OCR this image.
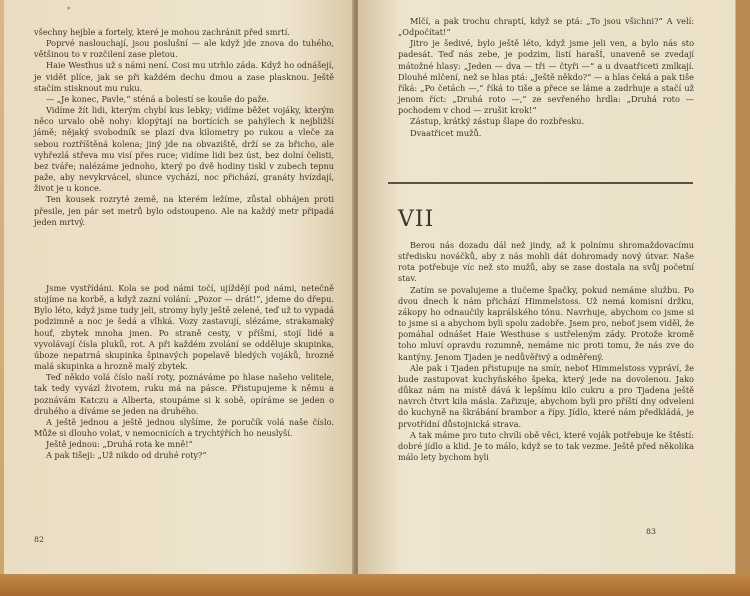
*

všechny hejble a fortely, které je mohou zachránit před smrtí.

Poprvé naslouchají, jsou poslušní — ale když jde znova do tuhého, většinou to v rozčilení zase pletou.

Haie Westhus už s námi není. Cosi mu utrhlo záda. Když ho odnášejí, je vidět plíce, jak se při každém dechu dmou a zase plasknou. Ještě stačím stisknout mu ruku.

— „Je konec, Pavle,“ sténá a bolestí se kouše do paže.

Vidíme žít lidi, kterým chybí kus lebky; vidíme běžet vojáky, kterým něco urvalo obě nohy: klopýtají na bortících se pahýlech k nejbližší jámě; nějaký svobodník se plazí dva kilometry po rukou a vleče za sebou roztříštěná kolena; jiný jde na obvaziště, drží se za břicho, ale vyhřezlá střeva mu visí přes ruce; vidíme lidi bez úst, bez dolní čelisti, bez tváře; nalézáme jednoho, který po dvě hodiny tiskl v zubech tepnu paže, aby nevykrvácel, slunce vychází, noc přichází, granáty hvízdají, život je u konce.

Ten kousek rozryté země, na kterém ležíme, zůstal obhájen proti přesile, jen pár set metrů bylo odstoupeno. Ale na každý metr připadá jeden mrtvý.

Jsme vystřídáni. Kola se pod námi točí, ujíždějí pod námi, netečně stojíme na korbě, a když zazní volání: „Pozor — drát!“, jdeme do dřepu. Bylo léto, když jsme tudy jeli, stromy byly ještě zelené, teď už to vypadá podzimně a noc je šedá a vlhká. Vozy zastavují, slézáme, strakamaký houf, zbytek mnoha jmen. Po straně cesty, v příšmí, stojí lidé a vyvolávají čísla pluků, rot. A při každém zvolání se odděluje skupinka, úboze nepatrná skupinka špinavých popelavě bledých vojáků, hrozně malá skupinka a hrozně malý zbytek.

Teď někdo volá číslo naší roty, poznáváme po hlase našeho velitele, tak tedy vyvázl životem, ruku má na pásce. Přistupujeme k němu a poznávám Katczu a Alberta, stoupáme si k sobě, opíráme se jeden o druhého a díváme se jeden na druhého.

A ještě jednou a ještě jednou slyšíme, že poručík volá naše číslo. Může si dlouho volat, v nemocnicích a trychtýřích ho neuslyší.

Ještě jednou: „Druhá rota ke mně!“

A pak tišeji: „Už nikdo od druhé roty?“

82

Mlčí, a pak trochu chraptí, když se ptá: „To jsou všichni?“ A velí: „Odpočítat!“

Jitro je šedivé, bylo ještě léto, když jsme jeli ven, a bylo nás sto padesát. Teď nás zebe, je podzim, listí harašÍ, unaveně se zvedají mátožné hlasy: „Jeden — dva — tři — čtyři —“ a u dvaatřiceti zmlkají. Dlouhé mlčení, než se hlas ptá: „Ještě někdo?“ — a hlas čeká a pak tiše říká: „Po četách —,“ říká to tiše a přece se láme a zadrhuje a stačí už jenom říct: „Druhá roto —,“ ze sevřeného hrdla: „Druhá roto — pochodem v chod — zrušit krok!“

Zástup, krátký zástup šlape do rozbřesku.

Dvaatřicet mužů.

VII

Berou nás dozadu dál než jindy, až k polnímu shromaždovacímu středisku nováčků, aby z nás mohli dát dohromady nový útvar. Naše rota potřebuje víc než sto mužů, aby se zase dostala na svůj početní stav.

Zatím se povalujeme a tlučeme špačky, pokud nemáme službu. Po dvou dnech k nám přichází Himmelstoss. Už nemá komisní držku, zákopy ho odnaučily kaprálského tónu. Navrhuje, abychom co jsme si to jsme si a abychom byli spolu zadobře. Jsem pro, neboť jsem viděl, že pomáhal odnášet Haie Westhuse s ustřeleným zády. Protože kromě toho mluví opravdu rozumně, nemáme nic proti tomu, že nás zve do kantýny. Jenom Tjaden je nedůvěřivý a odměřený.

Ale pak i Tjaden přistupuje na smír, neboť Himmelstoss vypráví, že bude zastupovat kuchyňského špeka, který jede na dovolenou. Jako důkaz nám na místě dává k lepšímu kilo cukru a pro Tjadena ještě navrch čtvrt kila másla. Zařizuje, abychom byli pro příští dny odveleni do kuchyně na škrábání brambor a řípy. Jídlo, které nám předkládá, je prvotřídní důstojnická strava.

A tak máme pro tuto chvíli obě věci, které voják potřebuje ke štěstí: dobré jídlo a klid. Je to málo, když se to tak vezme. Ještě před několika málo lety bychom byli

83
